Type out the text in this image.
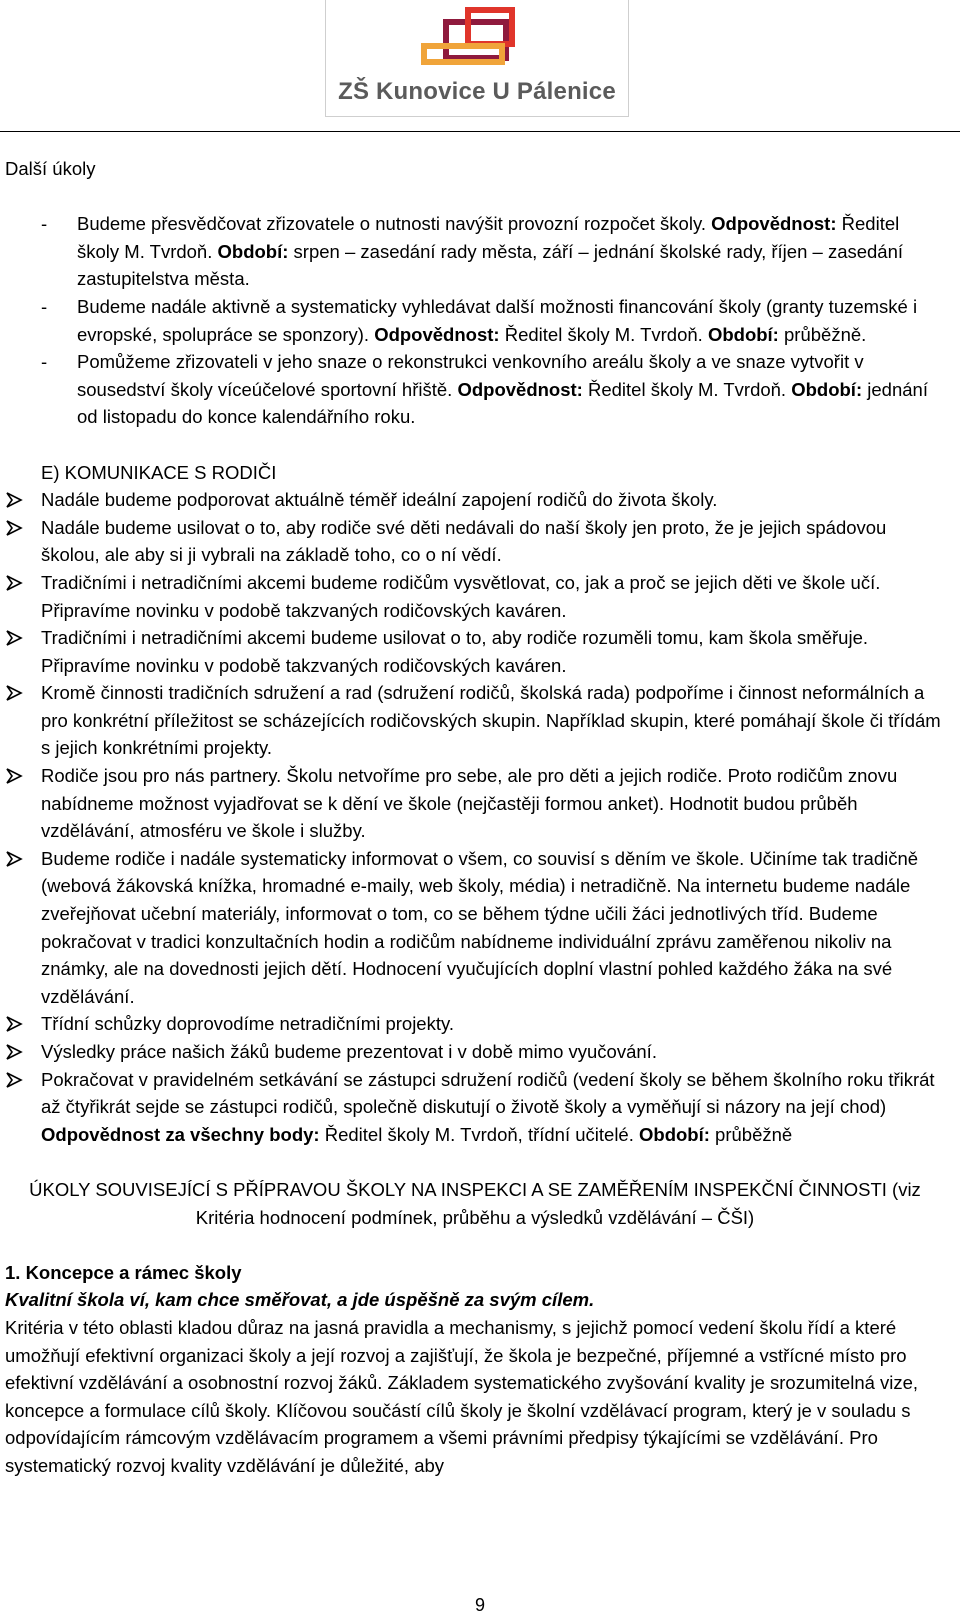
ZŠ Kunovice U Pálenice

Další úkoly

- Budeme přesvědčovat zřizovatele o nutnosti navýšit provozní rozpočet školy. Odpovědnost: Ředitel školy M. Tvrdoň. Období: srpen – zasedání rady města, září – jednání školské rady, říjen – zasedání zastupitelstva města.

- Budeme nadále aktivně a systematicky vyhledávat další možnosti financování školy (granty tuzemské i evropské, spolupráce se sponzory). Odpovědnost: Ředitel školy M. Tvrdoň. Období: průběžně.

- Pomůžeme zřizovateli v jeho snaze o rekonstrukci venkovního areálu školy a ve snaze vytvořit v sousedství školy víceúčelové sportovní hřiště. Odpovědnost: Ředitel školy M. Tvrdoň. Období: jednání od listopadu do konce kalendářního roku.

E) KOMUNIKACE S RODIČI

Nadále budeme podporovat aktuálně téměř ideální zapojení rodičů do života školy.

Nadále budeme usilovat o to, aby rodiče své děti nedávali do naší školy jen proto, že je jejich spádovou školou, ale aby si ji vybrali na základě toho, co o ní vědí.

Tradičními i netradičními akcemi budeme rodičům vysvětlovat, co, jak a proč se jejich děti ve škole učí. Připravíme novinku v podobě takzvaných rodičovských kaváren.

Tradičními i netradičními akcemi budeme usilovat o to, aby rodiče rozuměli tomu, kam škola směřuje. Připravíme novinku v podobě takzvaných rodičovských kaváren.

Kromě činnosti tradičních sdružení a rad (sdružení rodičů, školská rada) podpoříme i činnost neformálních a pro konkrétní příležitost se scházejících rodičovských skupin. Například skupin, které pomáhají škole či třídám s jejich konkrétními projekty.

Rodiče jsou pro nás partnery. Školu netvoříme pro sebe, ale pro děti a jejich rodiče. Proto rodičům znovu nabídneme možnost vyjadřovat se k dění ve škole (nejčastěji formou anket). Hodnotit budou průběh vzdělávání, atmosféru ve škole i služby.

Budeme rodiče i nadále systematicky informovat o všem, co souvisí s děním ve škole. Učiníme tak tradičně (webová žákovská knížka, hromadné e-maily, web školy, média) i netradičně. Na internetu budeme nadále zveřejňovat učební materiály, informovat o tom, co se během týdne učili žáci jednotlivých tříd. Budeme pokračovat v tradici konzultačních hodin a rodičům nabídneme individuální zprávu zaměřenou nikoliv na známky, ale na dovednosti jejich dětí. Hodnocení vyučujících doplní vlastní pohled každého žáka na své vzdělávání.

Třídní schůzky doprovodíme netradičními projekty.

Výsledky práce našich žáků budeme prezentovat i v době mimo vyučování.

Pokračovat v pravidelném setkávání se zástupci sdružení rodičů (vedení školy se během školního roku třikrát až čtyřikrát sejde se zástupci rodičů, společně diskutují o životě školy a vyměňují si názory na její chod)

Odpovědnost za všechny body: Ředitel školy M. Tvrdoň, třídní učitelé. Období: průběžně

ÚKOLY SOUVISEJÍCÍ S PŘÍPRAVOU ŠKOLY NA INSPEKCI A SE ZAMĚŘENÍM INSPEKČNÍ ČINNOSTI (viz Kritéria hodnocení podmínek, průběhu a výsledků vzdělávání – ČŠI)

1. Koncepce a rámec školy

Kvalitní škola ví, kam chce směřovat, a jde úspěšně za svým cílem.

Kritéria v této oblasti kladou důraz na jasná pravidla a mechanismy, s jejichž pomocí vedení školu řídí a které umožňují efektivní organizaci školy a její rozvoj a zajišťují, že škola je bezpečné, příjemné a vstřícné místo pro efektivní vzdělávání a osobnostní rozvoj žáků. Základem systematického zvyšování kvality je srozumitelná vize, koncepce a formulace cílů školy. Klíčovou součástí cílů školy je školní vzdělávací program, který je v souladu s odpovídajícím rámcovým vzdělávacím programem a všemi právními předpisy týkajícími se vzdělávání. Pro systematický rozvoj kvality vzdělávání je důležité, aby

9
